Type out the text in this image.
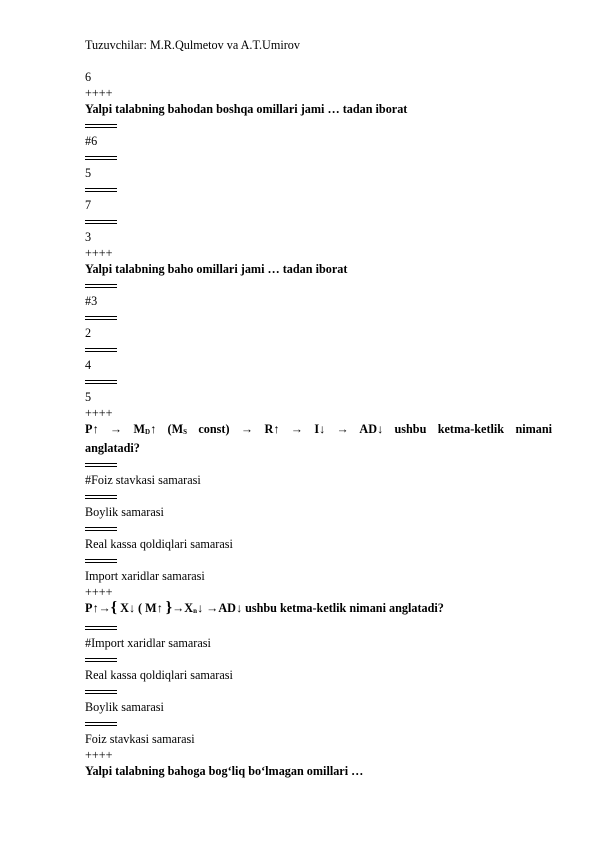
Tuzuvchilar: M.R.Qulmetov va A.T.Umirov
6
++++
Yalpi talabning bahodan boshqa omillari jami … tadan iborat
#6
5
7
3
++++
Yalpi talabning baho omillari jami … tadan iborat
#3
2
4
5
++++
P↑ → $M_D↑$ ($M_S$ const) → R↑ → I↓ → AD↓ ushbu ketma-ketlik nimani
anglatadi?
#Foiz stavkasi samarasi
Boylik samarasi
Real kassa qoldiqlari samarasi
Import xaridlar samarasi
++++
P↑→{ X↓ ( M↑ }$\to X_n↓$ →AD↓ ushbu ketma-ketlik nimani anglatadi?
#Import xaridlar samarasi
Real kassa qoldiqlari samarasi
Boylik samarasi
Foiz stavkasi samarasi
++++
Yalpi talabning bahoga bog‘liq bo‘lmagan omillari …
